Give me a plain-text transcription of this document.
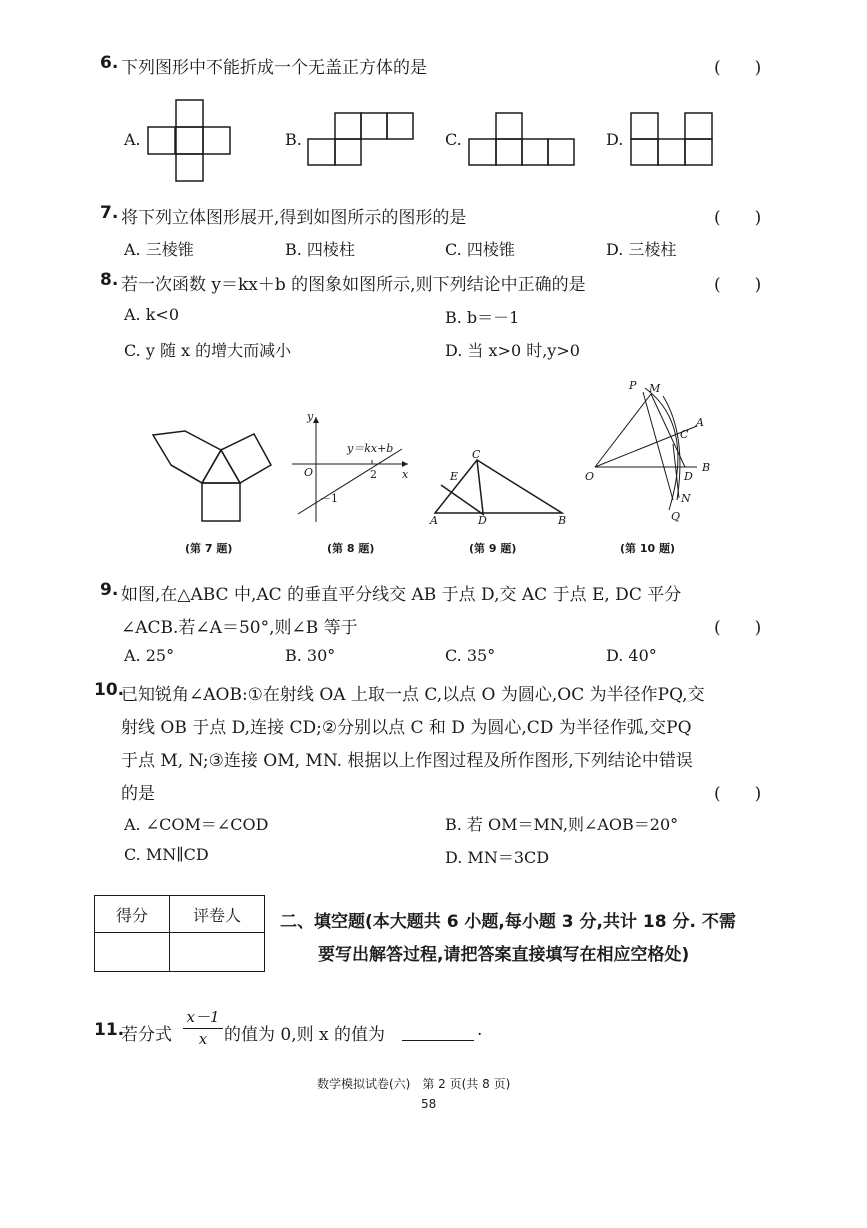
6. 下列图形中不能折成一个无盖正方体的是	(　　)
A.	B.	C.	D.
7. 将下列立体图形展开,得到如图所示的图形的是	(　　)
A. 三棱锥	B. 四棱柱	C. 四棱锥	D. 三棱柱
8. 若一次函数 y＝kx＋b 的图象如图所示,则下列结论中正确的是	(　　)
A. k<0	B. b＝－1
C. y 随 x 的增大而减小	D. 当 x>0 时,y>0
y
x
O
y＝kx+b
2
－1
A	B
C
D
E
P M
A
C
O	D
B
N
Q
(第 7 题)	(第 8 题)	(第 9 题)	(第 10 题)
9. 如图,在△ABC 中,AC 的垂直平分线交 AB 于点 D,交 AC 于点 E, DC 平分
∠ACB.若∠A＝50°,则∠B 等于	(　　)
A. 25°	B. 30°	C. 35°	D. 40°
10.
已知锐角∠AOB:①在射线 OA 上取一点 C,以点 O 为圆心,OC 为半径作PQ,交
射线 OB 于点 D,连接 CD;②分别以点 C 和 D 为圆心,CD 为半径作弧,交PQ
于点 M, N;③连接 OM, MN. 根据以上作图过程及所作图形,下列结论中错误
的是	(　　)
A. ∠COM＝∠COD	B. 若 OM＝MN,则∠AOB＝20°
C. MN∥CD	D. MN＝3CD
得分	评卷人
	二、填空题(本大题共 6 小题,每小题 3 分,共计 18 分. 不需
要写出解答过程,请把答案直接填写在相应空格处)
11.
若分式
x－1
x 的值为 0,则 x 的值为	.
数学模拟试卷(六)　第 2 页(共 8 页)
58
